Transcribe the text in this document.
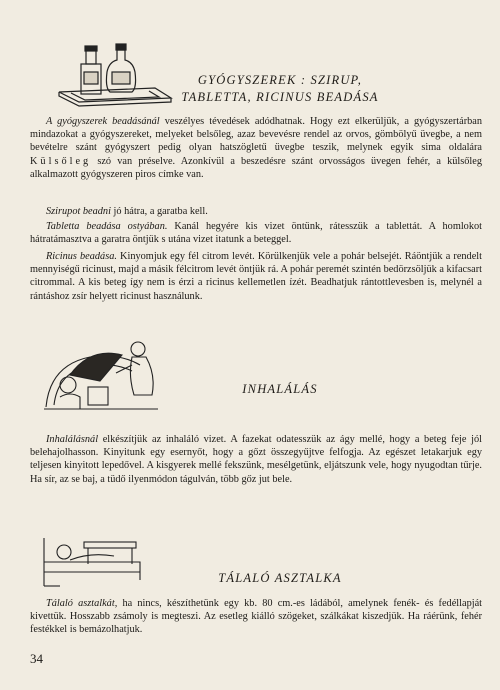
GYÓGYSZEREK : SZIRUP,
TABLETTA, RICINUS BEADÁSA

A gyógyszerek beadásánál veszélyes tévedések adódhatnak. Hogy ezt elkerüljük, a gyógyszertárban mindazokat a gyógyszereket, melyeket belsőleg, azaz bevevésre rendel az orvos, gömbölyű üvegbe, a nem bevételre szánt gyógyszert pedig olyan hatszögletű üvegbe teszik, melynek egyik sima oldalára Külsőleg szó van préselve. Azonkívül a beszedésre szánt orvosságos üvegen fehér, a külsőleg alkalmazott gyógyszeren piros címke van.

Szirupot beadni jó hátra, a garatba kell.

Tabletta beadása ostyában. Kanál hegyére kis vizet öntünk, rátesszük a tablettát. A homlokot hátratámasztva a garatra öntjük s utána vizet itatunk a beteggel.

Ricinus beadása. Kinyomjuk egy fél citrom levét. Körülkenjük vele a pohár belsejét. Ráöntjük a rendelt mennyiségű ricinust, majd a másik félcitrom levét öntjük rá. A pohár peremét szintén bedörzsöljük a kifacsart citrommal. A kis beteg így nem is érzi a ricinus kellemetlen ízét. Beadhatjuk rántottlevesben is, melynél a rántáshoz zsír helyett ricinust használunk.

INHALÁLÁS

Inhalálásnál elkészítjük az inhaláló vizet. A fazekat odatesszük az ágy mellé, hogy a beteg feje jól belehajolhasson. Kinyitunk egy esernyőt, hogy a gőzt összegyűjtve felfogja. Az egészet letakarjuk egy teljesen kinyitott lepedővel. A kisgyerek mellé fekszünk, mesélgetünk, eljátszunk vele, hogy nyugodtan tűrje. Ha sír, az se baj, a tüdő ilyenmódon tágulván, több gőz jut bele.

TÁLALÓ ASZTALKA

Tálaló asztalkát, ha nincs, készíthetünk egy kb. 80 cm.-es ládából, amelynek fenék- és fedéllapját kivettük. Hosszabb zsámoly is megteszi. Az esetleg kiálló szögeket, szálkákat kiszedjük. Ha ráérünk, fehér festékkel is bemázolhatjuk.

34
